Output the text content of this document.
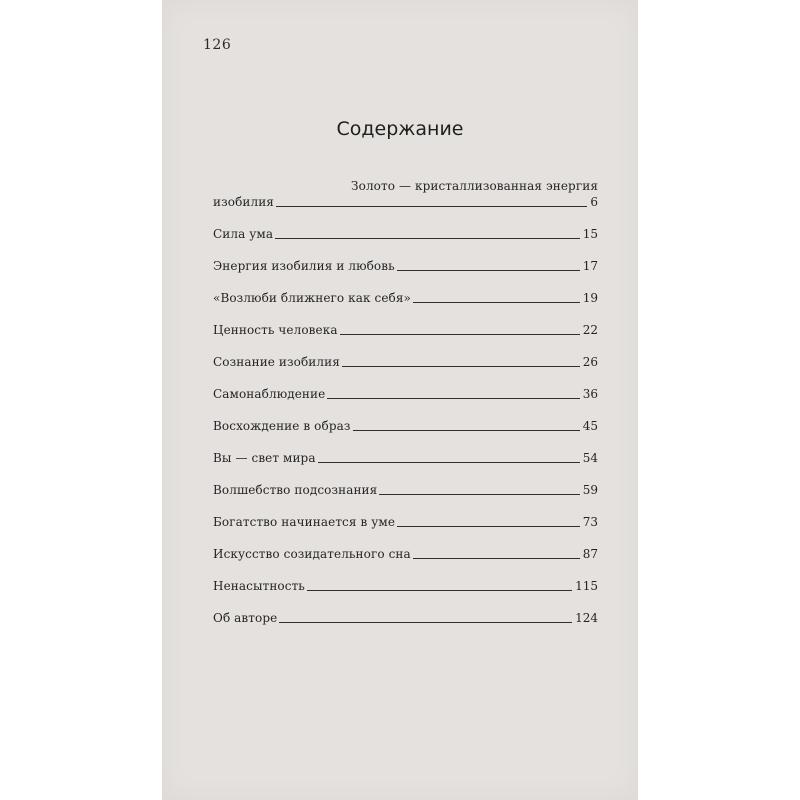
126
Содержание
Золото — кристаллизованная энергия
изобилия	6
Сила ума	15
Энергия изобилия и любовь	17
«Возлюби ближнего как себя»	19
Ценность человека	22
Сознание изобилия	26
Самонаблюдение	36
Восхождение в образ	45
Вы — свет мира	54
Волшебство подсознания	59
Богатство начинается в уме	73
Искусство созидательного сна	87
Ненасытность	115
Об авторе	124
